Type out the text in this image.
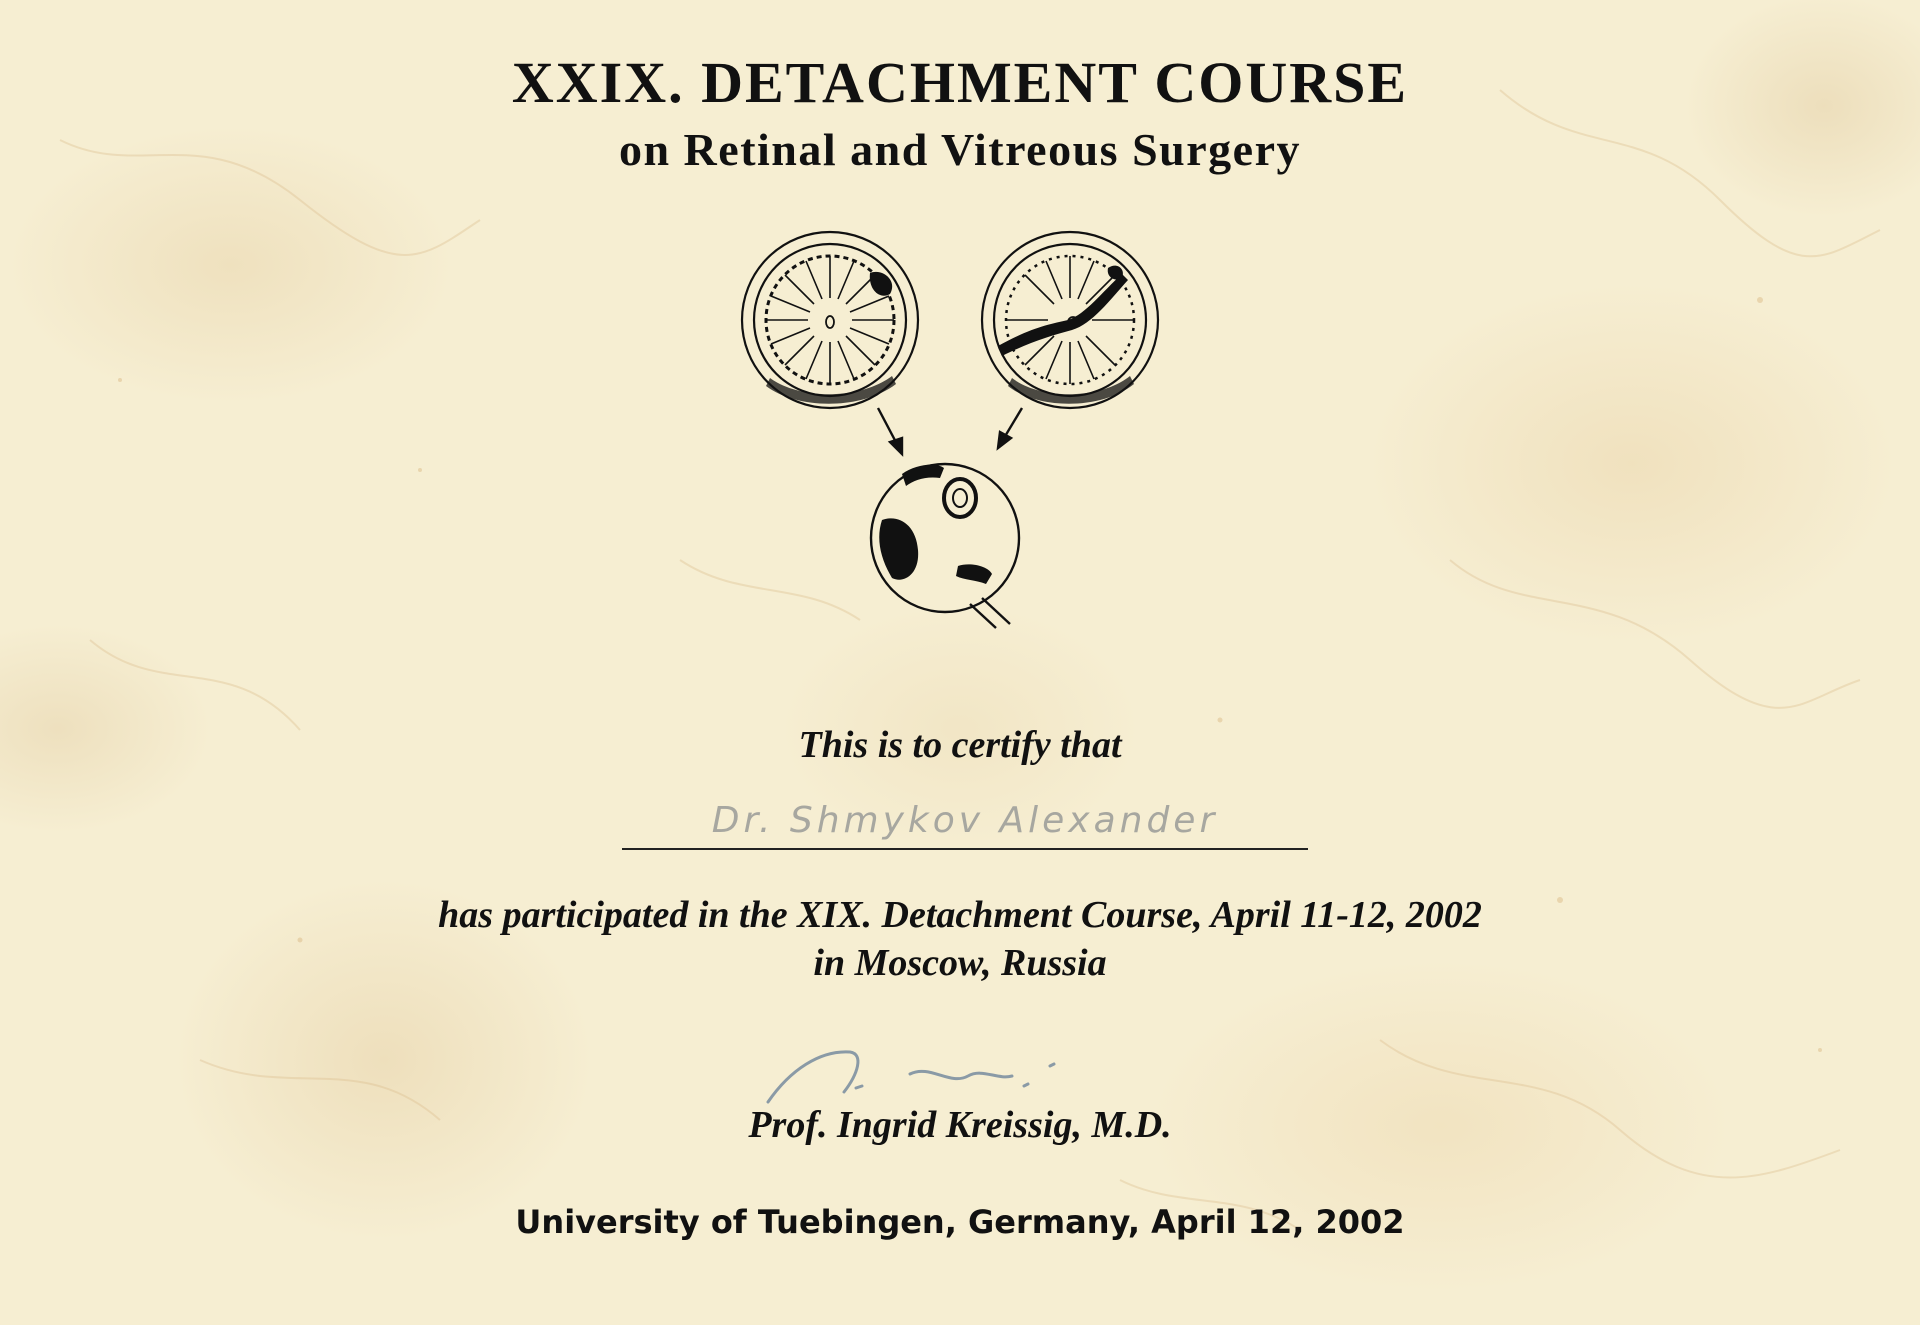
XXIX. DETACHMENT COURSE
on Retinal and Vitreous Surgery
This is to certify that
Dr. Shmykov Alexander
has participated in the XIX. Detachment Course, April 11-12, 2002
in Moscow, Russia
Prof. Ingrid Kreissig, M.D.
University of Tuebingen, Germany, April 12, 2002
